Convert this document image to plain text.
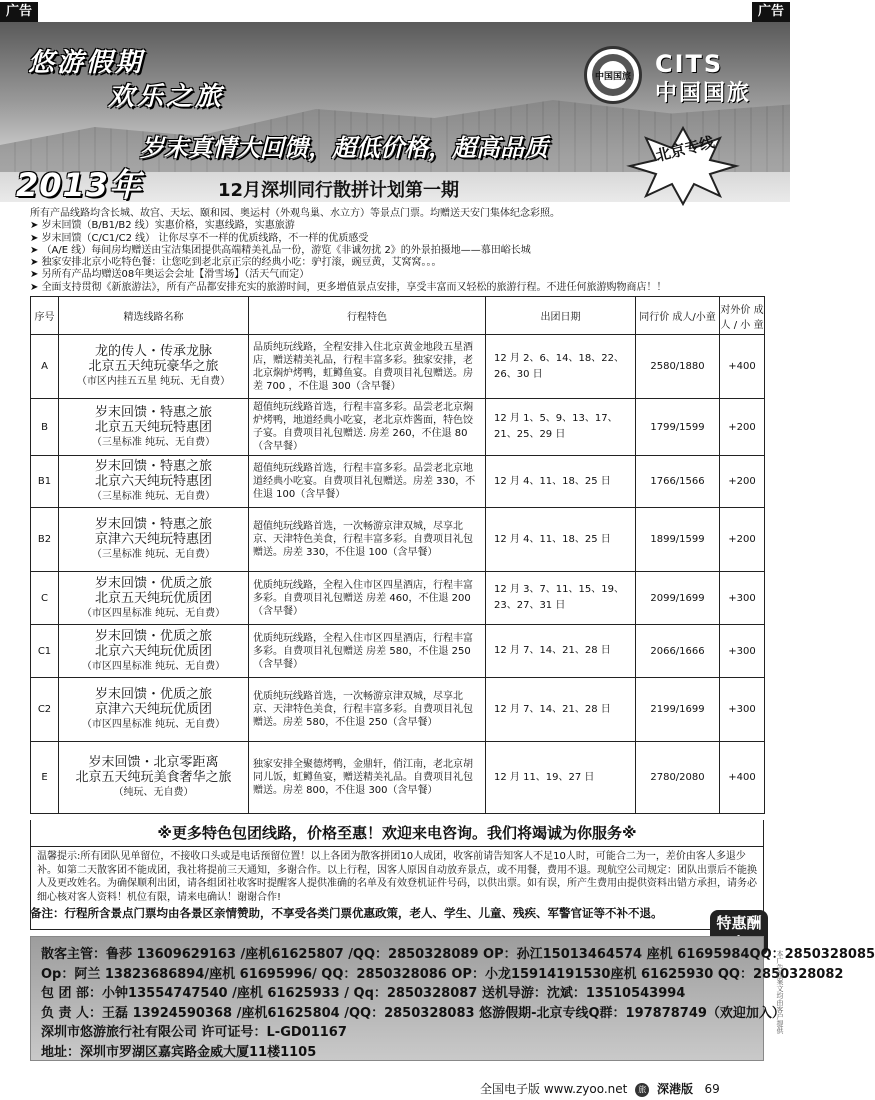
广告	广告
悠游假期
欢乐之旅
中国国旅 CITS
中国国旅
岁末真情大回馈，超低价格，超高品质
2013年	12月深圳同行散拼计划第一期
北京专线
所有产品线路均含长城、故宫、天坛、颐和园、奥运村（外观鸟巢、水立方）等景点门票。均赠送天安门集体纪念彩照。
➤ 岁末回馈（B/B1/B2 线）实惠价格，实惠线路，实惠旅游
➤ 岁末回馈（C/C1/C2 线） 让你尽享不一样的优质线路，不一样的优质感受
➤ （A/E 线）每间房均赠送由宝洁集团提供高端精美礼品一份，游览《非诚勿扰 2》的外景拍摄地——慕田峪长城
➤ 独家安排北京小吃特色餐：让您吃到老北京正宗的经典小吃：驴打滚，豌豆黄，艾窝窝。。。
➤ 另所有产品均赠送08年奥运会会址【滑雪场】（活天气而定）
➤ 全面支持贯彻《新旅游法》，所有产品都安排充实的旅游时间，更多增值景点安排，享受丰富而又轻松的旅游行程。不进任何旅游购物商店！！
序号	精选线路名称	行程特色	出团日期	同行价 成人/小童	对外价 成 人 / 小 童
A	龙的传人・传承龙脉
北京五天纯玩豪华之旅
（市区内挂五五星 纯玩、无自费）	品质纯玩线路，全程安排入住北京黄金地段五星酒店，赠送精美礼品，行程丰富多彩。独家安排，老北京焖炉烤鸭，虹鳟鱼宴。自费项目礼包赠送。房差 700 ，不住退 300（含早餐）	12 月 2、6、14、18、22、26、30 日	2580/1880	+400
B	岁末回馈・特惠之旅
北京五天纯玩特惠团
（三星标准 纯玩、无自费）	超值纯玩线路首选，行程丰富多彩。品尝老北京焖炉烤鸭，地道经典小吃宴，老北京炸酱面，特色饺子宴。自费项目礼包赠送. 房差 260，不住退 80（含早餐）	12 月 1、5、9、13、17、21、25、29 日	1799/1599	+200
B1	岁末回馈・特惠之旅
北京六天纯玩特惠团
（三星标准 纯玩、无自费）	超值纯玩线路首选，行程丰富多彩。品尝老北京地道经典小吃宴。自费项目礼包赠送。房差 330，不住退 100（含早餐）	12 月 4、11、18、25 日	1766/1566	+200
B2	岁末回馈・特惠之旅
京津六天纯玩特惠团
（三星标准 纯玩、无自费）	超值纯玩线路首选，一次畅游京津双城，尽享北京、天津特色美食，行程丰富多彩。自费项目礼包赠送。房差 330，不住退 100（含早餐）	12 月 4、11、18、25 日	1899/1599	+200
C	岁末回馈・优质之旅
北京五天纯玩优质团
（市区四星标准 纯玩、无自费）	优质纯玩线路，全程入住市区四星酒店，行程丰富多彩。自费项目礼包赠送 房差 460，不住退 200（含早餐）	12 月 3、7、11、15、19、23、27、31 日	2099/1699	+300
C1	岁末回馈・优质之旅
北京六天纯玩优质团
（市区四星标准 纯玩、无自费）	优质纯玩线路，全程入住市区四星酒店，行程丰富多彩。自费项目礼包赠送 房差 580，不住退 250（含早餐）	12 月 7、14、21、28 日	2066/1666	+300
C2	岁末回馈・优质之旅
京津六天纯玩优质团
（市区四星标准 纯玩、无自费）	优质纯玩线路首选，一次畅游京津双城，尽享北京、天津特色美食，行程丰富多彩。自费项目礼包赠送。房差 580，不住退 250（含早餐）	12 月 7、14、21、28 日	2199/1699	+300
E	岁末回馈・北京零距离
北京五天纯玩美食奢华之旅
（纯玩、无自费）	独家安排全聚德烤鸭，金鼎轩，俏江南，老北京胡同儿饭，虹鳟鱼宴，赠送精美礼品。自费项目礼包赠送。房差 800，不住退 300（含早餐）	12 月 11、19、27 日	2780/2080	+400
※更多特色包团线路，价格至惠！欢迎来电咨询。我们将竭诚为你服务※
温馨提示:所有团队见单留位，不接收口头或是电话预留位置！以上各团为散客拼团10人成团，收客前请告知客人不足10人时，可能合二为一，差价由客人多退少补。如第二天散客团不能成团，我社将提前三天通知，多谢合作。以上行程，因客人原因自动放弃景点，或不用餐，费用不退。现航空公司规定：团队出票后不能换人及更改姓名。为确保顺利出团，请各组团社收客时提醒客人提供准确的名单及有效登机证件号码，以供出票。如有误，所产生费用由提供资料出错方承担，请务必细心核对客人资料！机位有限，请来电确认！谢谢合作!
备注：行程所含景点门票均由各景区亲情赞助，不享受各类门票优惠政策，老人、学生、儿童、残疾、军警官证等不补不退。
特惠酬
散客主管：鲁莎 13609629163 /座机61625807 /QQ：2850328089 OP：孙江15013464574 座机 61695984QQ：2850328085
Op：阿兰 13823686894/座机 61695996/ QQ：2850328086 OP：小龙15914191530座机 61625930 QQ：2850328082
包 团 部：小钟13554747540 /座机 61625933 / Qq：2850328087 送机导游：沈斌：13510543994
负 责 人：王磊 13924590368 /座机61625804 /QQ：2850328083 悠游假期-北京专线Q群：197878749（欢迎加入）
深圳市悠游旅行社有限公司 许可证号：L-GD01167
地址：深圳市罗湖区嘉宾路金威大厦11楼1105
本广告图案文均由客户提供
全国电子版 www.zyoo.net 旅 深港版 69
